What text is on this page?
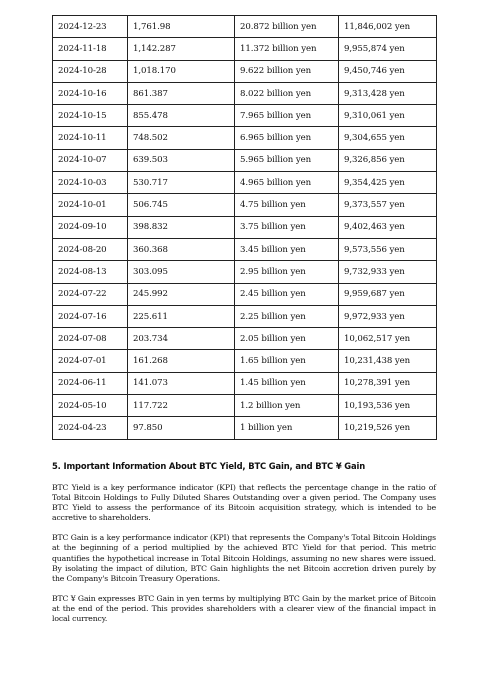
2024-12-23	1,761.98	20.872 billion yen	11,846,002 yen
2024-11-18	1,142.287	11.372 billion yen	9,955,874 yen
2024-10-28	1,018.170	9.622 billion yen	9,450,746 yen
2024-10-16	861.387	8.022 billion yen	9,313,428 yen
2024-10-15	855.478	7.965 billion yen	9,310,061 yen
2024-10-11	748.502	6.965 billion yen	9,304,655 yen
2024-10-07	639.503	5.965 billion yen	9,326,856 yen
2024-10-03	530.717	4.965 billion yen	9,354,425 yen
2024-10-01	506.745	4.75 billion yen	9,373,557 yen
2024-09-10	398.832	3.75 billion yen	9,402,463 yen
2024-08-20	360.368	3.45 billion yen	9,573,556 yen
2024-08-13	303.095	2.95 billion yen	9,732,933 yen
2024-07-22	245.992	2.45 billion yen	9,959,687 yen
2024-07-16	225.611	2.25 billion yen	9,972,933 yen
2024-07-08	203.734	2.05 billion yen	10,062,517 yen
2024-07-01	161.268	1.65 billion yen	10,231,438 yen
2024-06-11	141.073	1.45 billion yen	10,278,391 yen
2024-05-10	117.722	1.2 billion yen	10,193,536 yen
2024-04-23	97.850	1 billion yen	10,219,526 yen
5. Important Information About BTC Yield, BTC Gain, and BTC ¥ Gain

BTC Yield is a key performance indicator (KPI) that reflects the percentage change in the ratio of Total Bitcoin Holdings to Fully Diluted Shares Outstanding over a given period. The Company uses BTC Yield to assess the performance of its Bitcoin acquisition strategy, which is intended to be accretive to shareholders.

BTC Gain is a key performance indicator (KPI) that represents the Company's Total Bitcoin Holdings at the beginning of a period multiplied by the achieved BTC Yield for that period. This metric quantifies the hypothetical increase in Total Bitcoin Holdings, assuming no new shares were issued. By isolating the impact of dilution, BTC Gain highlights the net Bitcoin accretion driven purely by the Company's Bitcoin Treasury Operations.

BTC ¥ Gain expresses BTC Gain in yen terms by multiplying BTC Gain by the market price of Bitcoin at the end of the period. This provides shareholders with a clearer view of the financial impact in local currency.
